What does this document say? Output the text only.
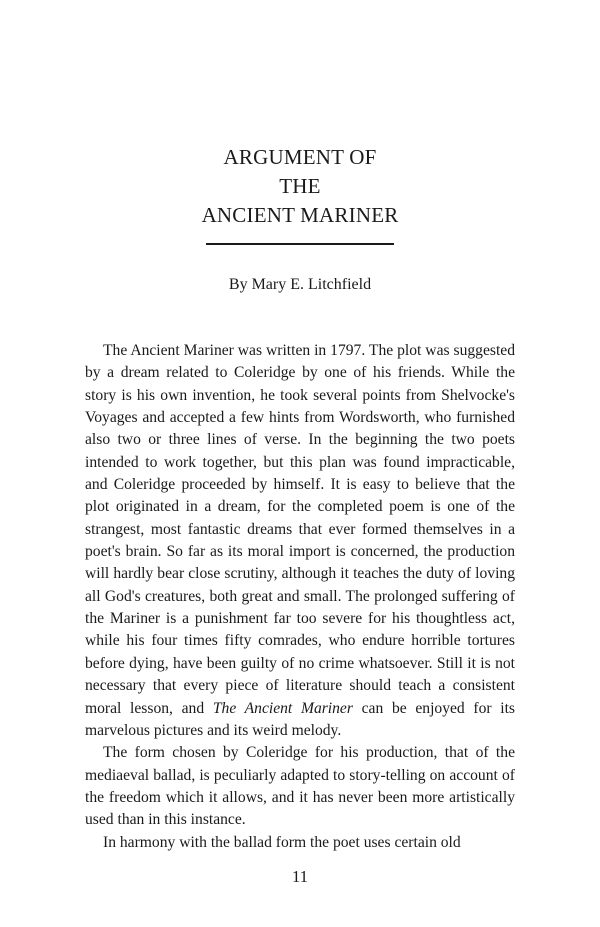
ARGUMENT OF
THE
ANCIENT MARINER
By Mary E. Litchfield

The Ancient Mariner was written in 1797. The plot was suggested by a dream related to Coleridge by one of his friends. While the story is his own invention, he took several points from Shelvocke's Voyages and accepted a few hints from Wordsworth, who furnished also two or three lines of verse. In the beginning the two poets intended to work together, but this plan was found impracticable, and Coleridge proceeded by himself. It is easy to believe that the plot originated in a dream, for the completed poem is one of the strangest, most fantastic dreams that ever formed themselves in a poet's brain. So far as its moral import is concerned, the production will hardly bear close scrutiny, although it teaches the duty of loving all God's creatures, both great and small. The prolonged suffering of the Mariner is a punishment far too severe for his thoughtless act, while his four times fifty comrades, who endure horrible tortures before dying, have been guilty of no crime whatsoever. Still it is not necessary that every piece of literature should teach a consistent moral lesson, and The Ancient Mariner can be enjoyed for its marvelous pictures and its weird melody.

The form chosen by Coleridge for his production, that of the mediaeval ballad, is peculiarly adapted to story-telling on account of the freedom which it allows, and it has never been more artistically used than in this instance.

In harmony with the ballad form the poet uses certain old

11
